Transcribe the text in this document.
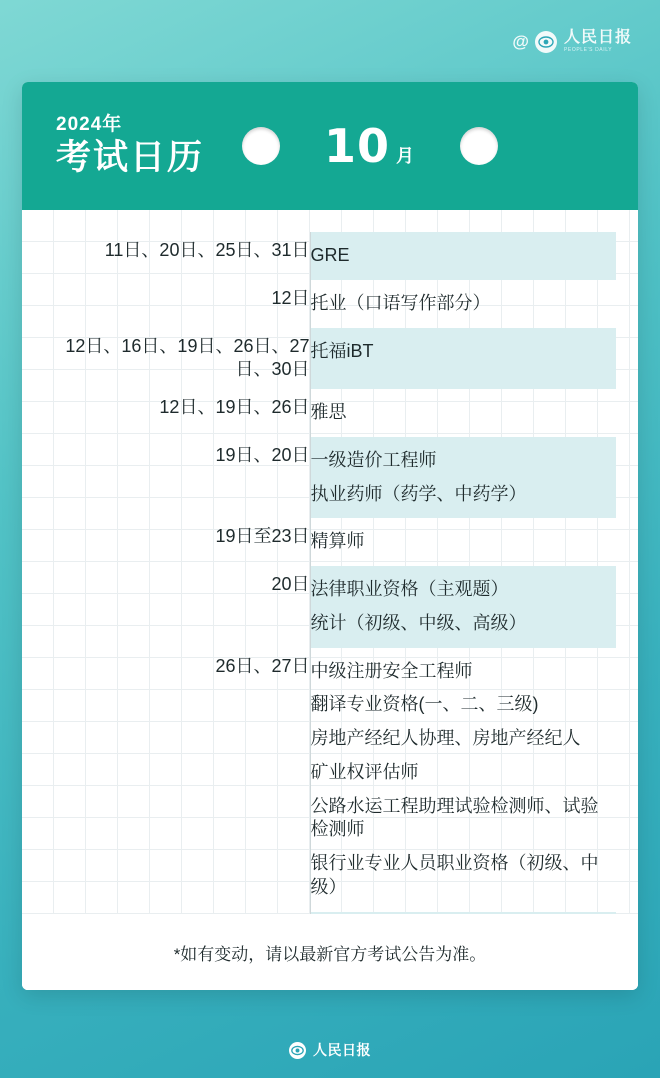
@ 人民日报
PEOPLE'S DAILY
2024年
考试日历	10 月
11日、20日、25日、31日	GRE

12日	托业（口语写作部分）

12日、16日、19日、26日、27日、30日	托福iBT

12日、19日、26日	雅思

19日、20日	一级造价工程师
执业药师（药学、中药学）

19日至23日	精算师

20日	法律职业资格（主观题）
统计（初级、中级、高级）

26日、27日	中级注册安全工程师
翻译专业资格(一、二、三级)
房地产经纪人协理、房地产经纪人
矿业权评估师
公路水运工程助理试验检测师、试验检测师
银行业专业人员职业资格（初级、中级）

*如有变动，请以最新官方考试公告为准。
人民日报
